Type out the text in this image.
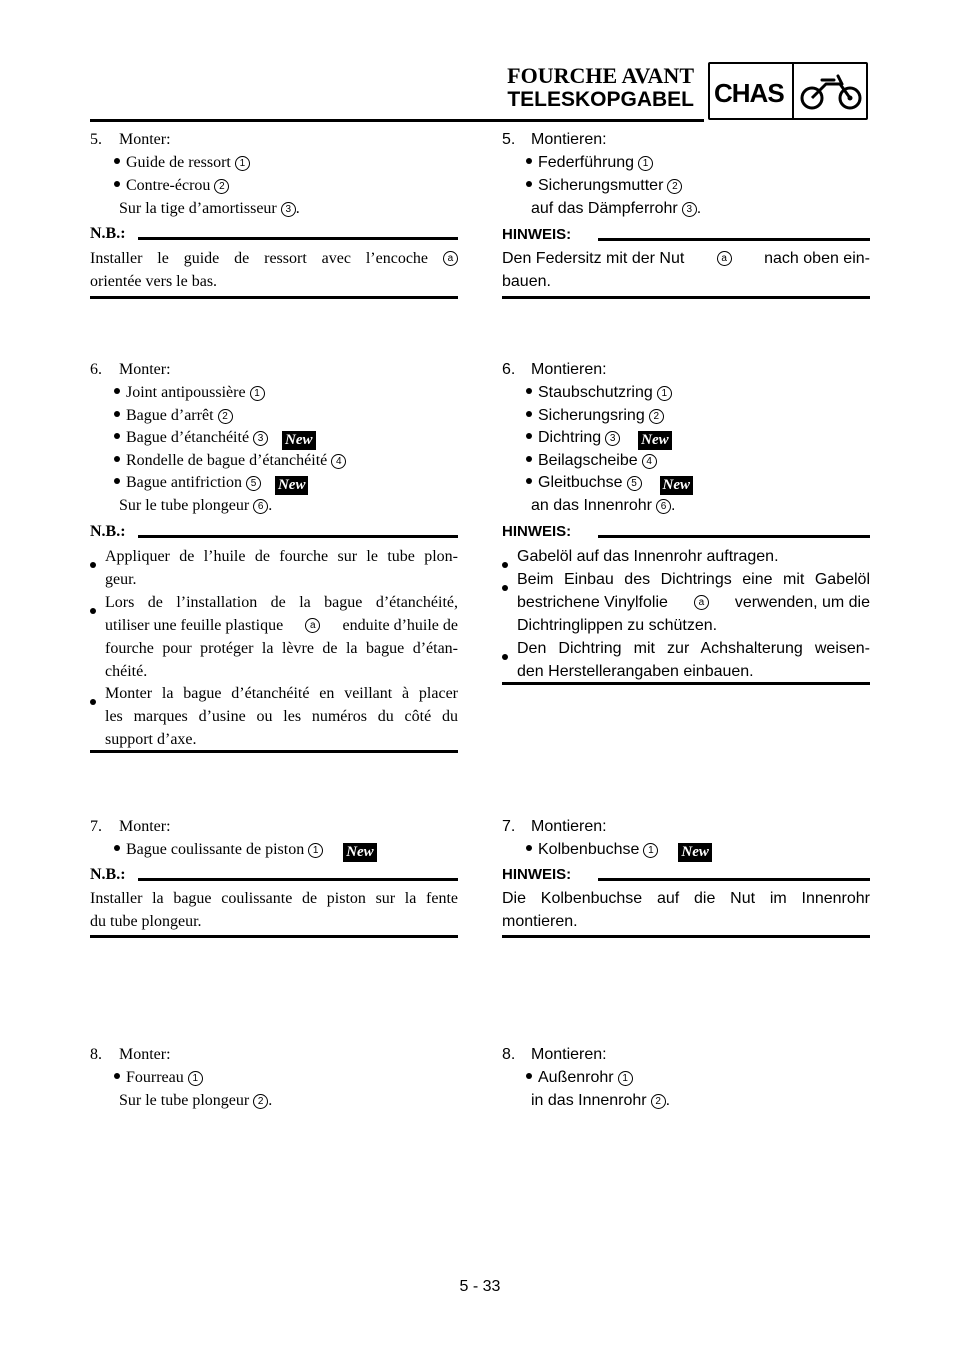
FOURCHE AVANT
TELESKOPGABEL CHAS
5. Monter:
Guide de ressort 1
Contre-écrou 2
Sur la tige d’amortisseur 3 .
N.B.:
Installer le guide de ressort avec l’encoche	a
orientée vers le bas.
6. Monter:
Joint antipoussière 1
Bague d’arrêt 2
Bague d’étanchéité 3 New
Rondelle de bague d’étanchéité 4
Bague antifriction 5 New
Sur le tube plongeur 6 .
N.B.:
Appliquer de l’huile de fourche sur le tube plon-
geur.
Lors de l’installation de la bague d’étanchéité,
utiliser une feuille plastique	a enduite d’huile de
fourche pour protéger la lèvre de la bague d’étan-
chéité.
Monter la bague d’étanchéité en veillant à placer
les marques d’usine ou les numéros du côté du
support d’axe.
7. Monter:
Bague coulissante de piston 1 New
N.B.:
Installer la bague coulissante de piston sur la fente
du tube plongeur.
8. Monter:
Fourreau 1
Sur le tube plongeur 2 .
5. Montieren:
Federführung 1
Sicherungsmutter 2
auf das Dämpferrohr 3 .
HINWEIS:
Den Federsitz mit der Nut	a nach oben ein-
bauen.
6. Montieren:
Staubschutzring 1
Sicherungsring 2
Dichtring 3 New
Beilagscheibe 4
Gleitbuchse 5 New
an das Innenrohr 6 .
HINWEIS:
Gabelöl auf das Innenrohr auftragen.
Beim Einbau des Dichtrings eine mit Gabelöl
bestrichene Vinylfolie	a verwenden, um die
Dichtringlippen zu schützen.
Den Dichtring mit zur Achshalterung weisen-
den Herstellerangaben einbauen.
7. Montieren:
Kolbenbuchse 1 New
HINWEIS:
Die Kolbenbuchse auf die Nut im Innenrohr
montieren.
8. Montieren:
Außenrohr 1
in das Innenrohr 2 .
5 - 33
